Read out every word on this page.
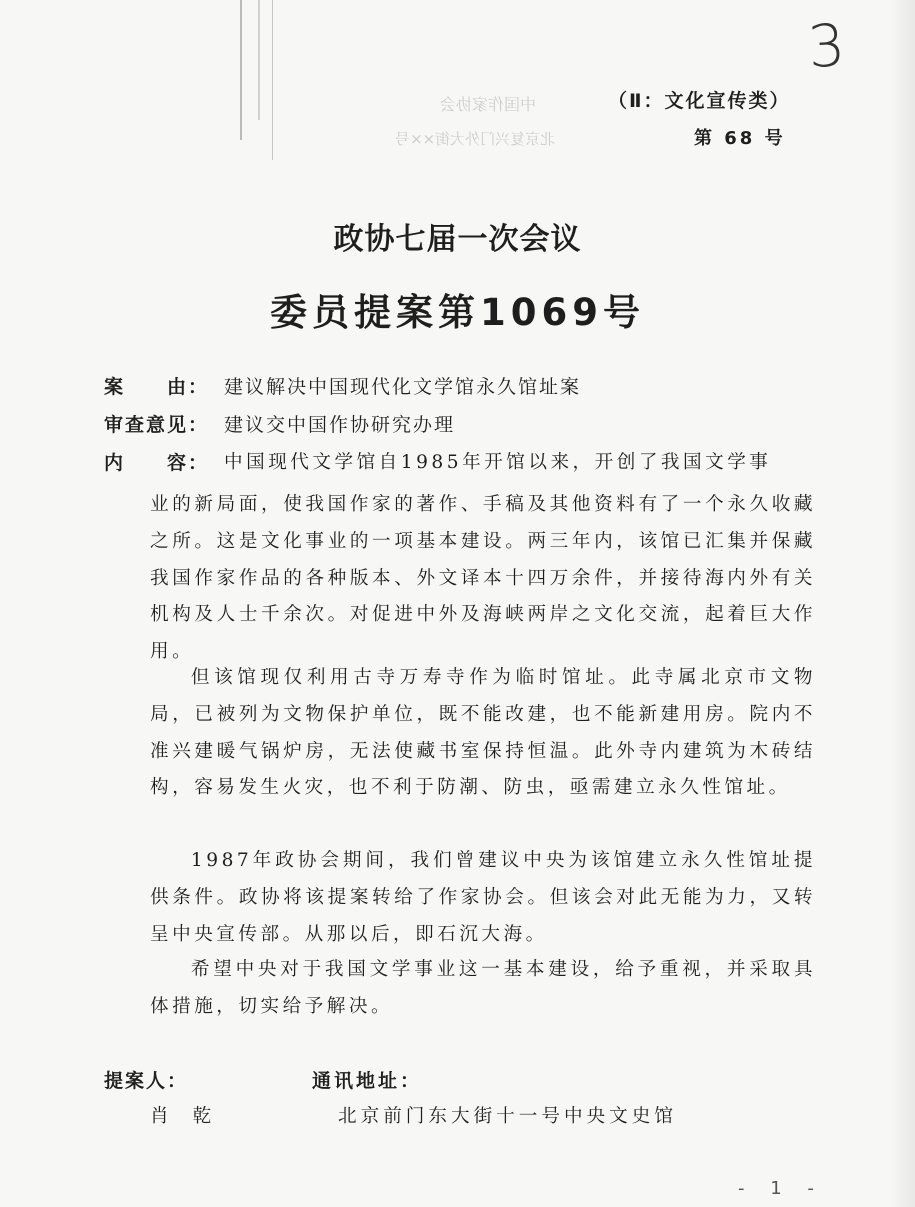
中国作家协会
北京复兴门外大街××号
3
（Ⅱ：文化宣传类）
第 68 号
政协七届一次会议
委员提案第1069号
案　　由： 建议解决中国现代化文学馆永久馆址案
审查意见： 建议交中国作协研究办理
内　　容： 中国现代文学馆自1985年开馆以来，开创了我国文学事
业的新局面，使我国作家的著作、手稿及其他资料有了一个永久收藏之所。这是文化事业的一项基本建设。两三年内，该馆已汇集并保藏我国作家作品的各种版本、外文译本十四万余件，并接待海内外有关机构及人士千余次。对促进中外及海峡两岸之文化交流，起着巨大作用。
但该馆现仅利用古寺万寿寺作为临时馆址。此寺属北京市文物局，已被列为文物保护单位，既不能改建，也不能新建用房。院内不准兴建暖气锅炉房，无法使藏书室保持恒温。此外寺内建筑为木砖结构，容易发生火灾，也不利于防潮、防虫，亟需建立永久性馆址。
1987年政协会期间，我们曾建议中央为该馆建立永久性馆址提供条件。政协将该提案转给了作家协会。但该会对此无能为力，又转呈中央宣传部。从那以后，即石沉大海。
希望中央对于我国文学事业这一基本建设，给予重视，并采取具体措施，切实给予解决。
提案人：	通讯地址：
肖乾	北京前门东大街十一号中央文史馆
- 1 -
